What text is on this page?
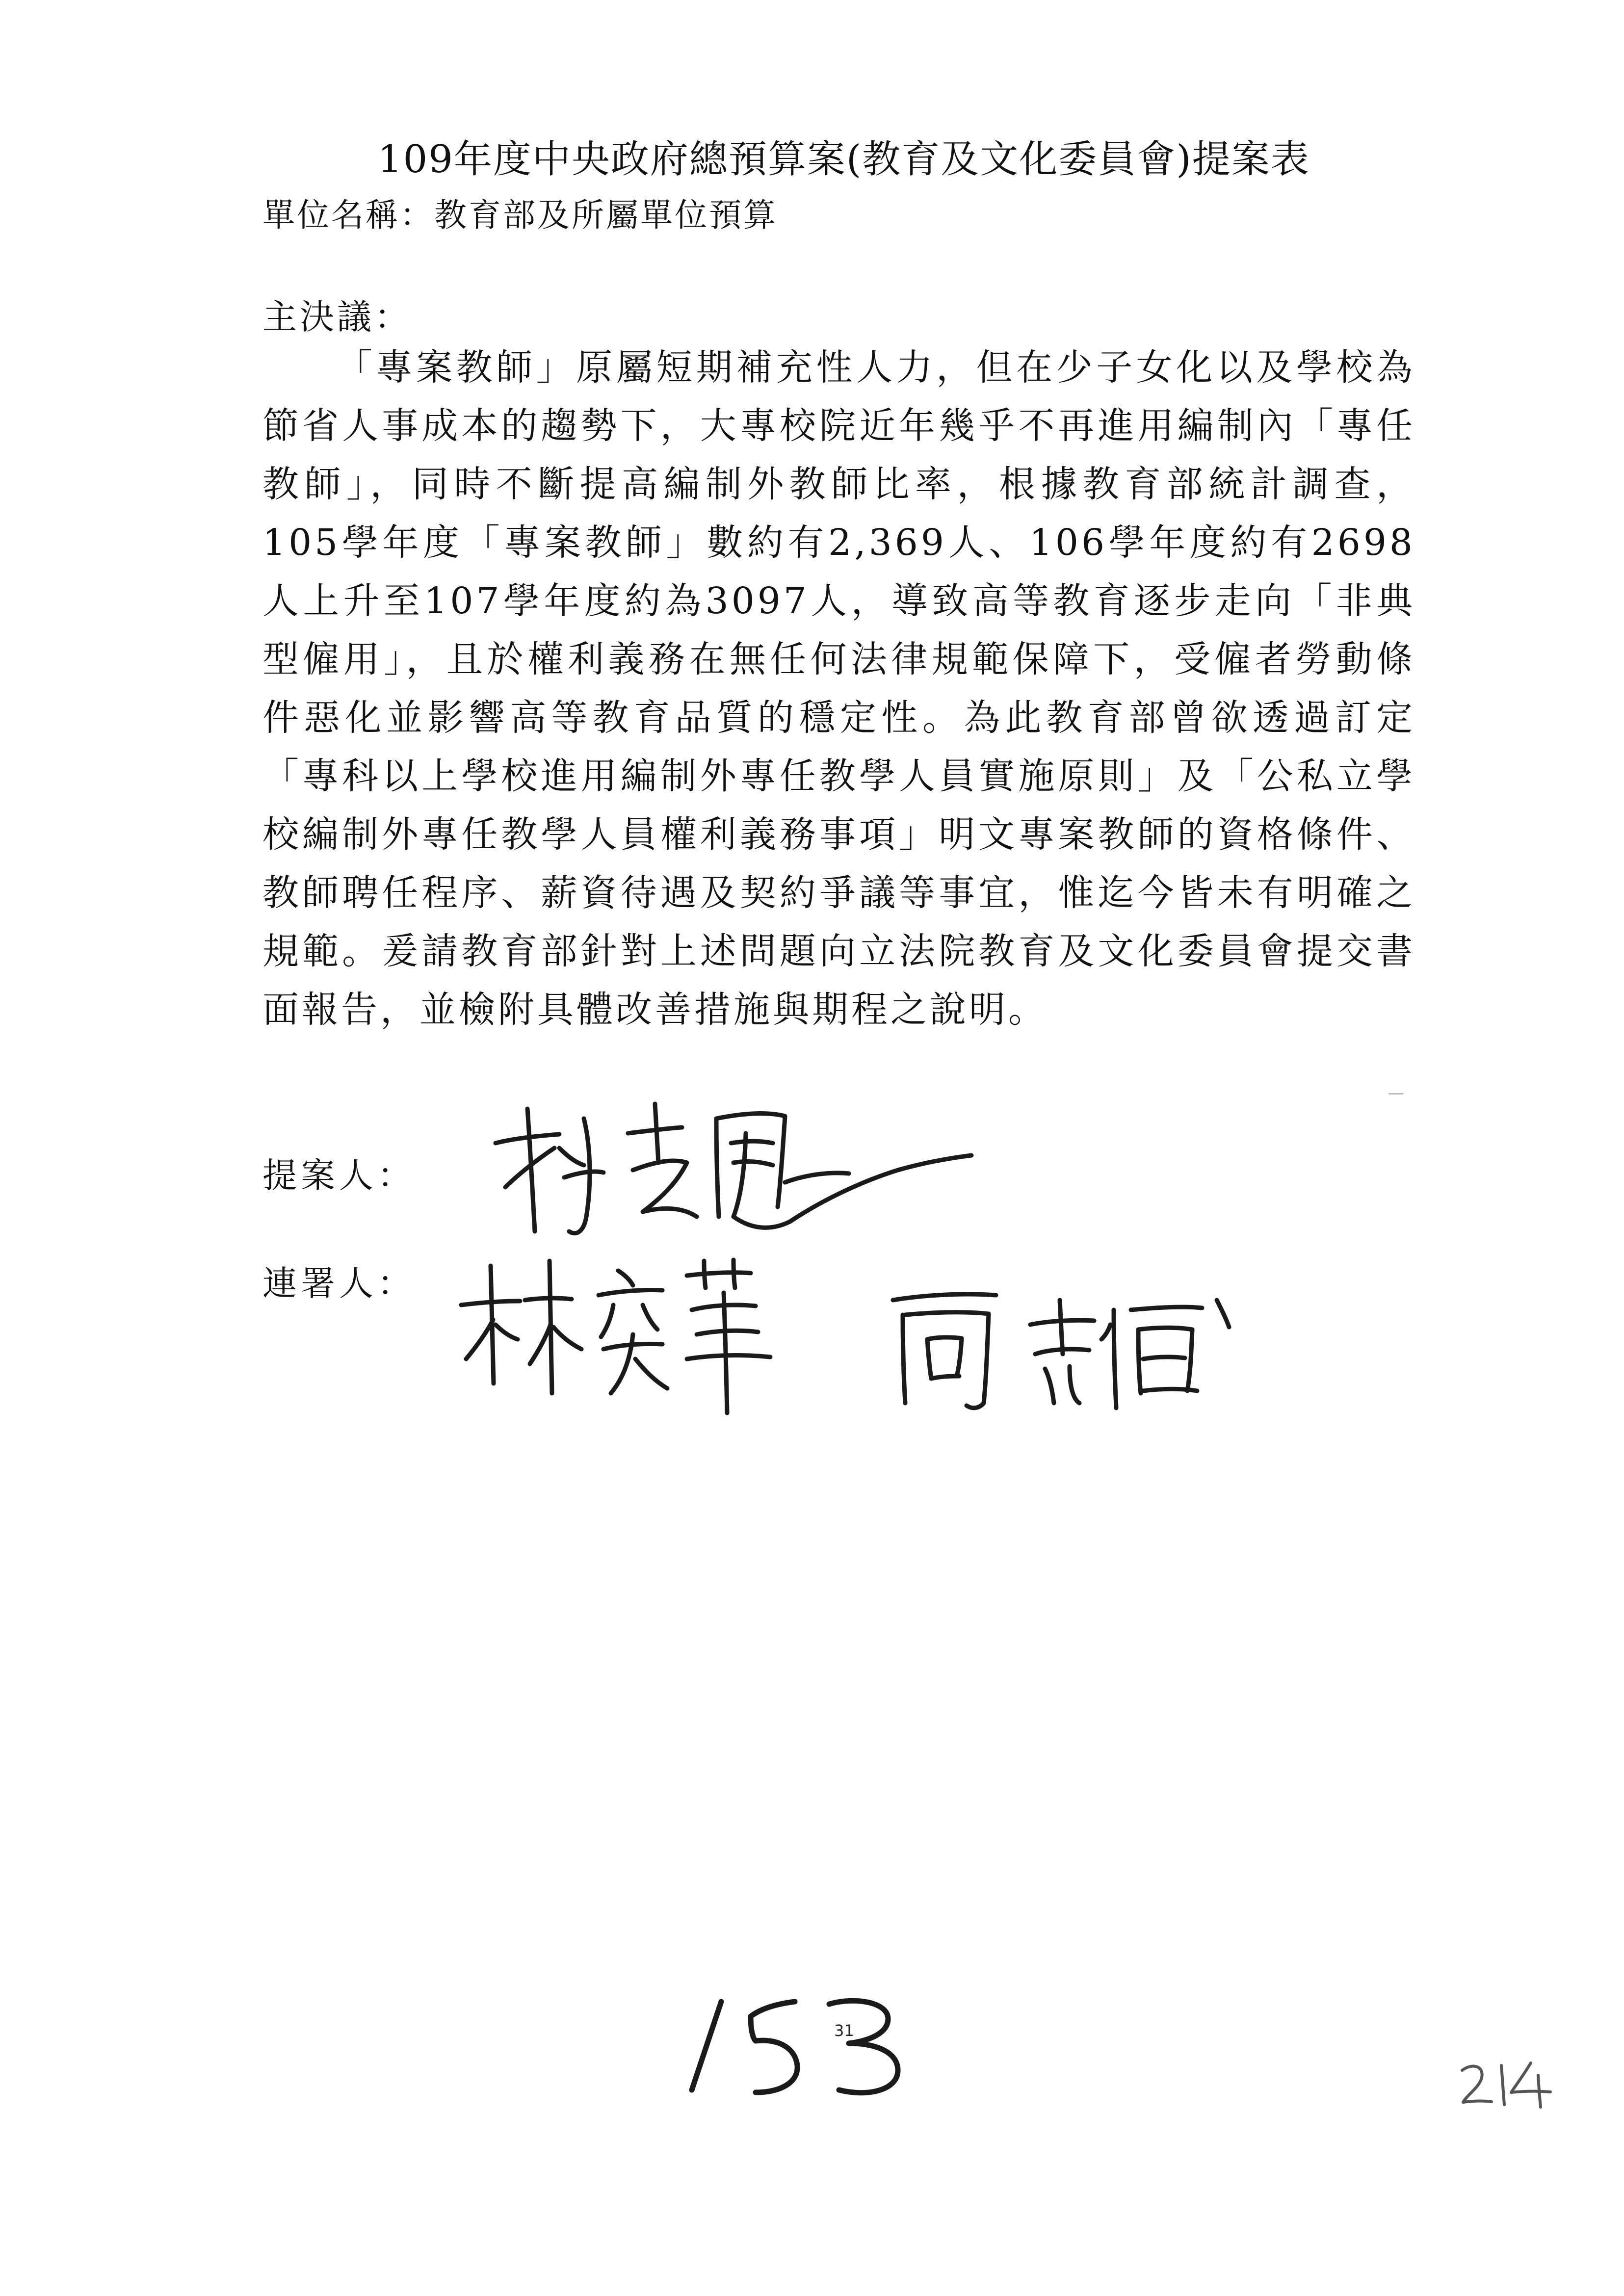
109年度中央政府總預算案(教育及文化委員會)提案表
單位名稱：教育部及所屬單位預算
主決議：

「專案教師」原屬短期補充性人力，但在少子女化以及學校為節省人事成本的趨勢下，大專校院近年幾乎不再進用編制內「專任教師」，同時不斷提高編制外教師比率，根據教育部統計調查，105學年度「專案教師」數約有2,369人、106學年度約有2698人上升至107學年度約為3097人，導致高等教育逐步走向「非典型僱用」，且於權利義務在無任何法律規範保障下，受僱者勞動條件惡化並影響高等教育品質的穩定性。為此教育部曾欲透過訂定「專科以上學校進用編制外專任教學人員實施原則」及「公私立學校編制外專任教學人員權利義務事項」明文專案教師的資格條件、教師聘任程序、薪資待遇及契約爭議等事宜，惟迄今皆未有明確之規範。爰請教育部針對上述問題向立法院教育及文化委員會提交書面報告，並檢附具體改善措施與期程之說明。

提案人：
連署人：
31
